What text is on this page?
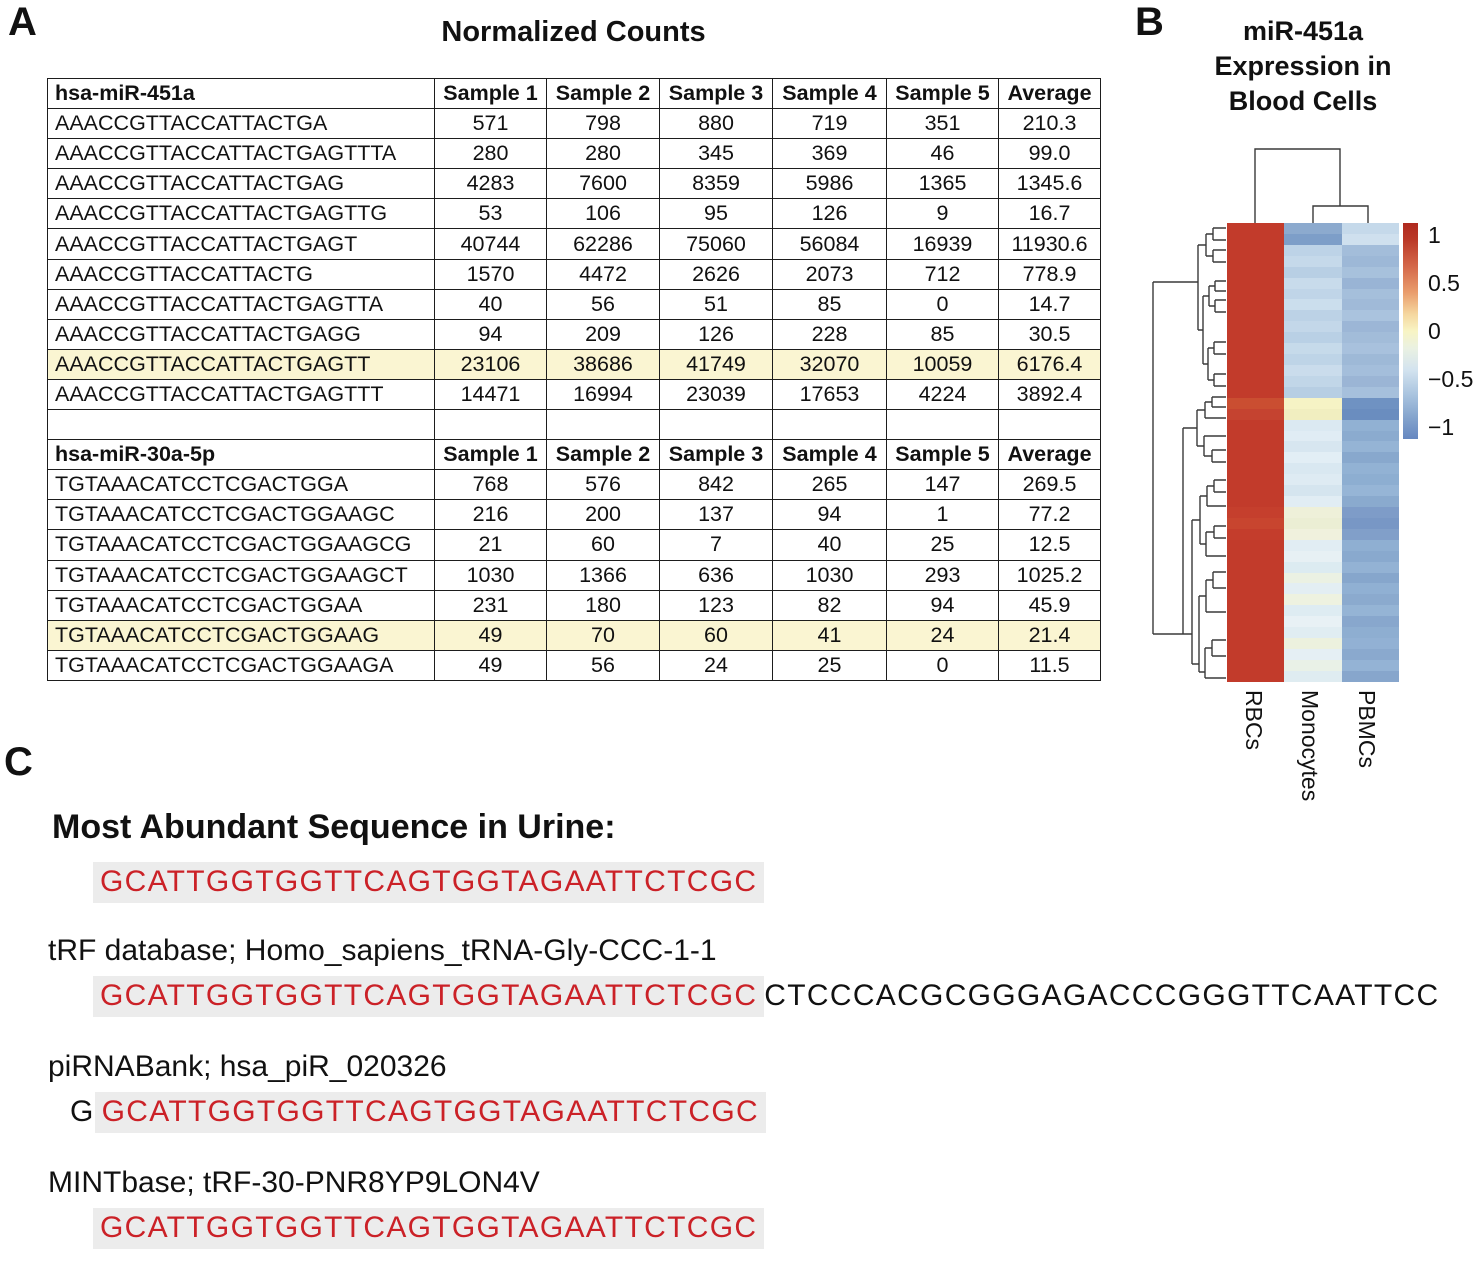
A	Normalized Counts
hsa-miR-451a	Sample 1	Sample 2	Sample 3	Sample 4	Sample 5	Average
AAACCGTTACCATTACTGA	571	798	880	719	351	210.3
AAACCGTTACCATTACTGAGTTTA	280	280	345	369	46	99.0
AAACCGTTACCATTACTGAG	4283	7600	8359	5986	1365	1345.6
AAACCGTTACCATTACTGAGTTG	53	106	95	126	9	16.7
AAACCGTTACCATTACTGAGT	40744	62286	75060	56084	16939	11930.6
AAACCGTTACCATTACTG	1570	4472	2626	2073	712	778.9
AAACCGTTACCATTACTGAGTTA	40	56	51	85	0	14.7
AAACCGTTACCATTACTGAGG	94	209	126	228	85	30.5
AAACCGTTACCATTACTGAGTT	23106	38686	41749	32070	10059	6176.4
AAACCGTTACCATTACTGAGTTT	14471	16994	23039	17653	4224	3892.4

hsa-miR-30a-5p	Sample 1	Sample 2	Sample 3	Sample 4	Sample 5	Average
TGTAAACATCCTCGACTGGA	768	576	842	265	147	269.5
TGTAAACATCCTCGACTGGAAGC	216	200	137	94	1	77.2
TGTAAACATCCTCGACTGGAAGCG	21	60	7	40	25	12.5
TGTAAACATCCTCGACTGGAAGCT	1030	1366	636	1030	293	1025.2
TGTAAACATCCTCGACTGGAA	231	180	123	82	94	45.9
TGTAAACATCCTCGACTGGAAG	49	70	60	41	24	21.4
TGTAAACATCCTCGACTGGAAGA	49	56	24	25	0	11.5
B	miR-451a
Expression in
Blood Cells
1
0.5
0
−0.5
−1
RBCs Monocytes PBMCs
C
Most Abundant Sequence in Urine:
GCATTGGTGGTTCAGTGGTAGAATTCTCGC
tRF database; Homo_sapiens_tRNA-Gly-CCC-1-1
GCATTGGTGGTTCAGTGGTAGAATTCTCGC CTCCCACGCGGGAGACCCGGGTTCAATTCC
piRNABank; hsa_piR_020326
G GCATTGGTGGTTCAGTGGTAGAATTCTCGC
MINTbase; tRF-30-PNR8YP9LON4V
GCATTGGTGGTTCAGTGGTAGAATTCTCGC
